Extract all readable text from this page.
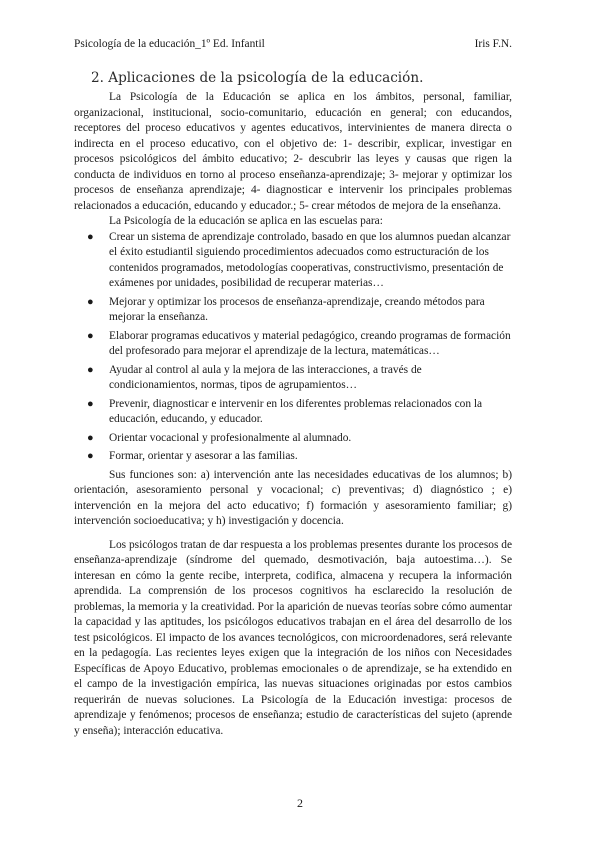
Psicología de la educación_1º Ed. Infantil	Iris F.N.
2. Aplicaciones de la psicología de la educación.

La Psicología de la Educación se aplica en los ámbitos, personal, familiar, organizacional, institucional, socio-comunitario, educación en general; con educandos, receptores del proceso educativos y agentes educativos, intervinientes de manera directa o indirecta en el proceso educativo, con el objetivo de: 1- describir, explicar, investigar en procesos psicológicos del ámbito educativo; 2- descubrir las leyes y causas que rigen la conducta de individuos en torno al proceso enseñanza-aprendizaje; 3- mejorar y optimizar los procesos de enseñanza aprendizaje; 4- diagnosticar e intervenir los principales problemas relacionados a educación, educando y educador.; 5- crear métodos de mejora de la enseñanza.

La Psicología de la educación se aplica en las escuelas para:

● Crear un sistema de aprendizaje controlado, basado en que los alumnos puedan alcanzar el éxito estudiantil siguiendo procedimientos adecuados como estructuración de los contenidos programados, metodologías cooperativas, constructivismo, presentación de exámenes por unidades, posibilidad de recuperar materias…
● Mejorar y optimizar los procesos de enseñanza-aprendizaje, creando métodos para mejorar la enseñanza.
● Elaborar programas educativos y material pedagógico, creando programas de formación del profesorado para mejorar el aprendizaje de la lectura, matemáticas…
● Ayudar al control al aula y la mejora de las interacciones, a través de condicionamientos, normas, tipos de agrupamientos…
● Prevenir, diagnosticar e intervenir en los diferentes problemas relacionados con la educación, educando, y educador.
● Orientar vocacional y profesionalmente al alumnado.
● Formar, orientar y asesorar a las familias.

Sus funciones son: a) intervención ante las necesidades educativas de los alumnos; b) orientación, asesoramiento personal y vocacional; c) preventivas; d) diagnóstico ; e) intervención en la mejora del acto educativo; f) formación y asesoramiento familiar; g) intervención socioeducativa; y h) investigación y docencia.

Los psicólogos tratan de dar respuesta a los problemas presentes durante los procesos de enseñanza-aprendizaje (síndrome del quemado, desmotivación, baja autoestima…). Se interesan en cómo la gente recibe, interpreta, codifica, almacena y recupera la información aprendida. La comprensión de los procesos cognitivos ha esclarecido la resolución de problemas, la memoria y la creatividad. Por la aparición de nuevas teorías sobre cómo aumentar la capacidad y las aptitudes, los psicólogos educativos trabajan en el área del desarrollo de los test psicológicos. El impacto de los avances tecnológicos, con microordenadores, será relevante en la pedagogía. Las recientes leyes exigen que la integración de los niños con Necesidades Específicas de Apoyo Educativo, problemas emocionales o de aprendizaje, se ha extendido en el campo de la investigación empírica, las nuevas situaciones originadas por estos cambios requerirán de nuevas soluciones. La Psicología de la Educación investiga: procesos de aprendizaje y fenómenos; procesos de enseñanza; estudio de características del sujeto (aprende y enseña); interacción educativa.

2
